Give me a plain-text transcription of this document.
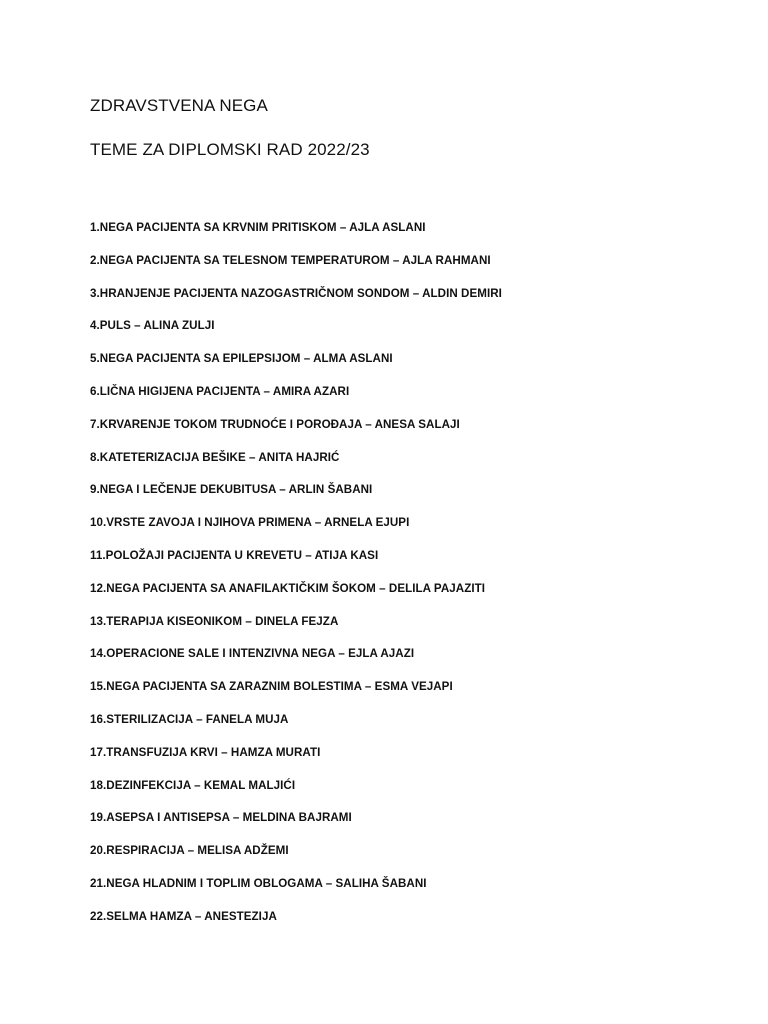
ZDRAVSTVENA NEGA
TEME ZA DIPLOMSKI RAD 2022/23
1.NEGA PACIJENTA SA KRVNIM PRITISKOM – AJLA ASLANI
2.NEGA PACIJENTA SA TELESNOM TEMPERATUROM – AJLA RAHMANI
3.HRANJENJE PACIJENTA NAZOGASTRIČNOM SONDOM – ALDIN DEMIRI
4.PULS – ALINA ZULJI
5.NEGA PACIJENTA SA EPILEPSIJOM – ALMA ASLANI
6.LIČNA HIGIJENA PACIJENTA – AMIRA AZARI
7.KRVARENJE TOKOM TRUDNOĆE I POROĐAJA – ANESA SALAJI
8.KATETERIZACIJA BEŠIKE – ANITA HAJRIĆ
9.NEGA I LEČENJE DEKUBITUSA – ARLIN ŠABANI
10.VRSTE ZAVOJA I NJIHOVA PRIMENA – ARNELA EJUPI
11.POLOŽAJI PACIJENTA U KREVETU – ATIJA KASI
12.NEGA PACIJENTA SA ANAFILAKTIČKIM ŠOKOM – DELILA PAJAZITI
13.TERAPIJA KISEONIKOM – DINELA FEJZA
14.OPERACIONE SALE I INTENZIVNA NEGA – EJLA AJAZI
15.NEGA PACIJENTA SA ZARAZNIM BOLESTIMA – ESMA VEJAPI
16.STERILIZACIJA – FANELA MUJA
17.TRANSFUZIJA KRVI – HAMZA MURATI
18.DEZINFEKCIJA – KEMAL MALJIĆI
19.ASEPSA I ANTISEPSA – MELDINA BAJRAMI
20.RESPIRACIJA – MELISA ADŽEMI
21.NEGA HLADNIM I TOPLIM OBLOGAMA – SALIHA ŠABANI
22.SELMA HAMZA – ANESTEZIJA
